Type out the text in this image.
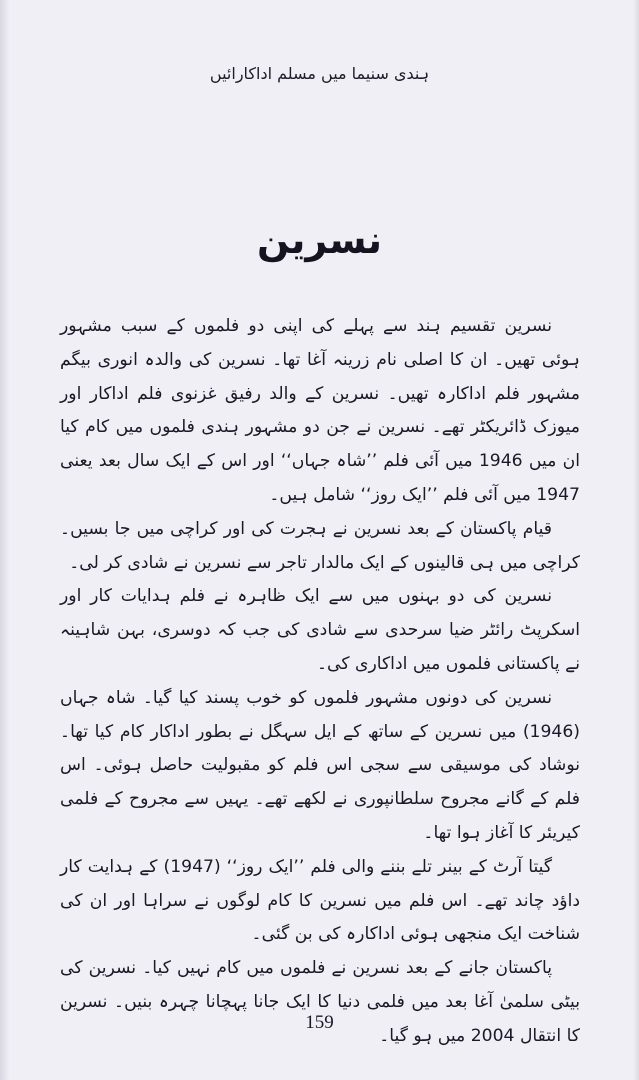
ہندی سنیما میں مسلم اداکارائیں
نسرین

نسرین تقسیم ہند سے پہلے کی اپنی دو فلموں کے سبب مشہور ہوئی تھیں۔ ان کا اصلی نام زرینہ آغا تھا۔ نسرین کی والدہ انوری بیگم مشہور فلم اداکارہ تھیں۔ نسرین کے والد رفیق غزنوی فلم اداکار اور میوزک ڈائریکٹر تھے۔ نسرین نے جن دو مشہور ہندی فلموں میں کام کیا ان میں 1946 میں آئی فلم ’’شاہ جہاں‘‘ اور اس کے ایک سال بعد یعنی 1947 میں آئی فلم ’’ایک روز‘‘ شامل ہیں۔

قیام پاکستان کے بعد نسرین نے ہجرت کی اور کراچی میں جا بسیں۔ کراچی میں ہی قالینوں کے ایک مالدار تاجر سے نسرین نے شادی کر لی۔

نسرین کی دو بہنوں میں سے ایک ظاہرہ نے فلم ہدایات کار اور اسکرپٹ رائٹر ضیا سرحدی سے شادی کی جب کہ دوسری، بہن شاہینہ نے پاکستانی فلموں میں اداکاری کی۔

نسرین کی دونوں مشہور فلموں کو خوب پسند کیا گیا۔ شاہ جہاں (1946) میں نسرین کے ساتھ کے ایل سہگل نے بطور اداکار کام کیا تھا۔ نوشاد کی موسیقی سے سجی اس فلم کو مقبولیت حاصل ہوئی۔ اس فلم کے گانے مجروح سلطانپوری نے لکھے تھے۔ یہیں سے مجروح کے فلمی کیریئر کا آغاز ہوا تھا۔

گیتا آرٹ کے بینر تلے بننے والی فلم ’’ایک روز‘‘ (1947) کے ہدایت کار داؤد چاند تھے۔ اس فلم میں نسرین کا کام لوگوں نے سراہا اور ان کی شناخت ایک منجھی ہوئی اداکارہ کی بن گئی۔

پاکستان جانے کے بعد نسرین نے فلموں میں کام نہیں کیا۔ نسرین کی بیٹی سلمیٰ آغا بعد میں فلمی دنیا کا ایک جانا پہچانا چہرہ بنیں۔ نسرین کا انتقال 2004 میں ہو گیا۔

159
